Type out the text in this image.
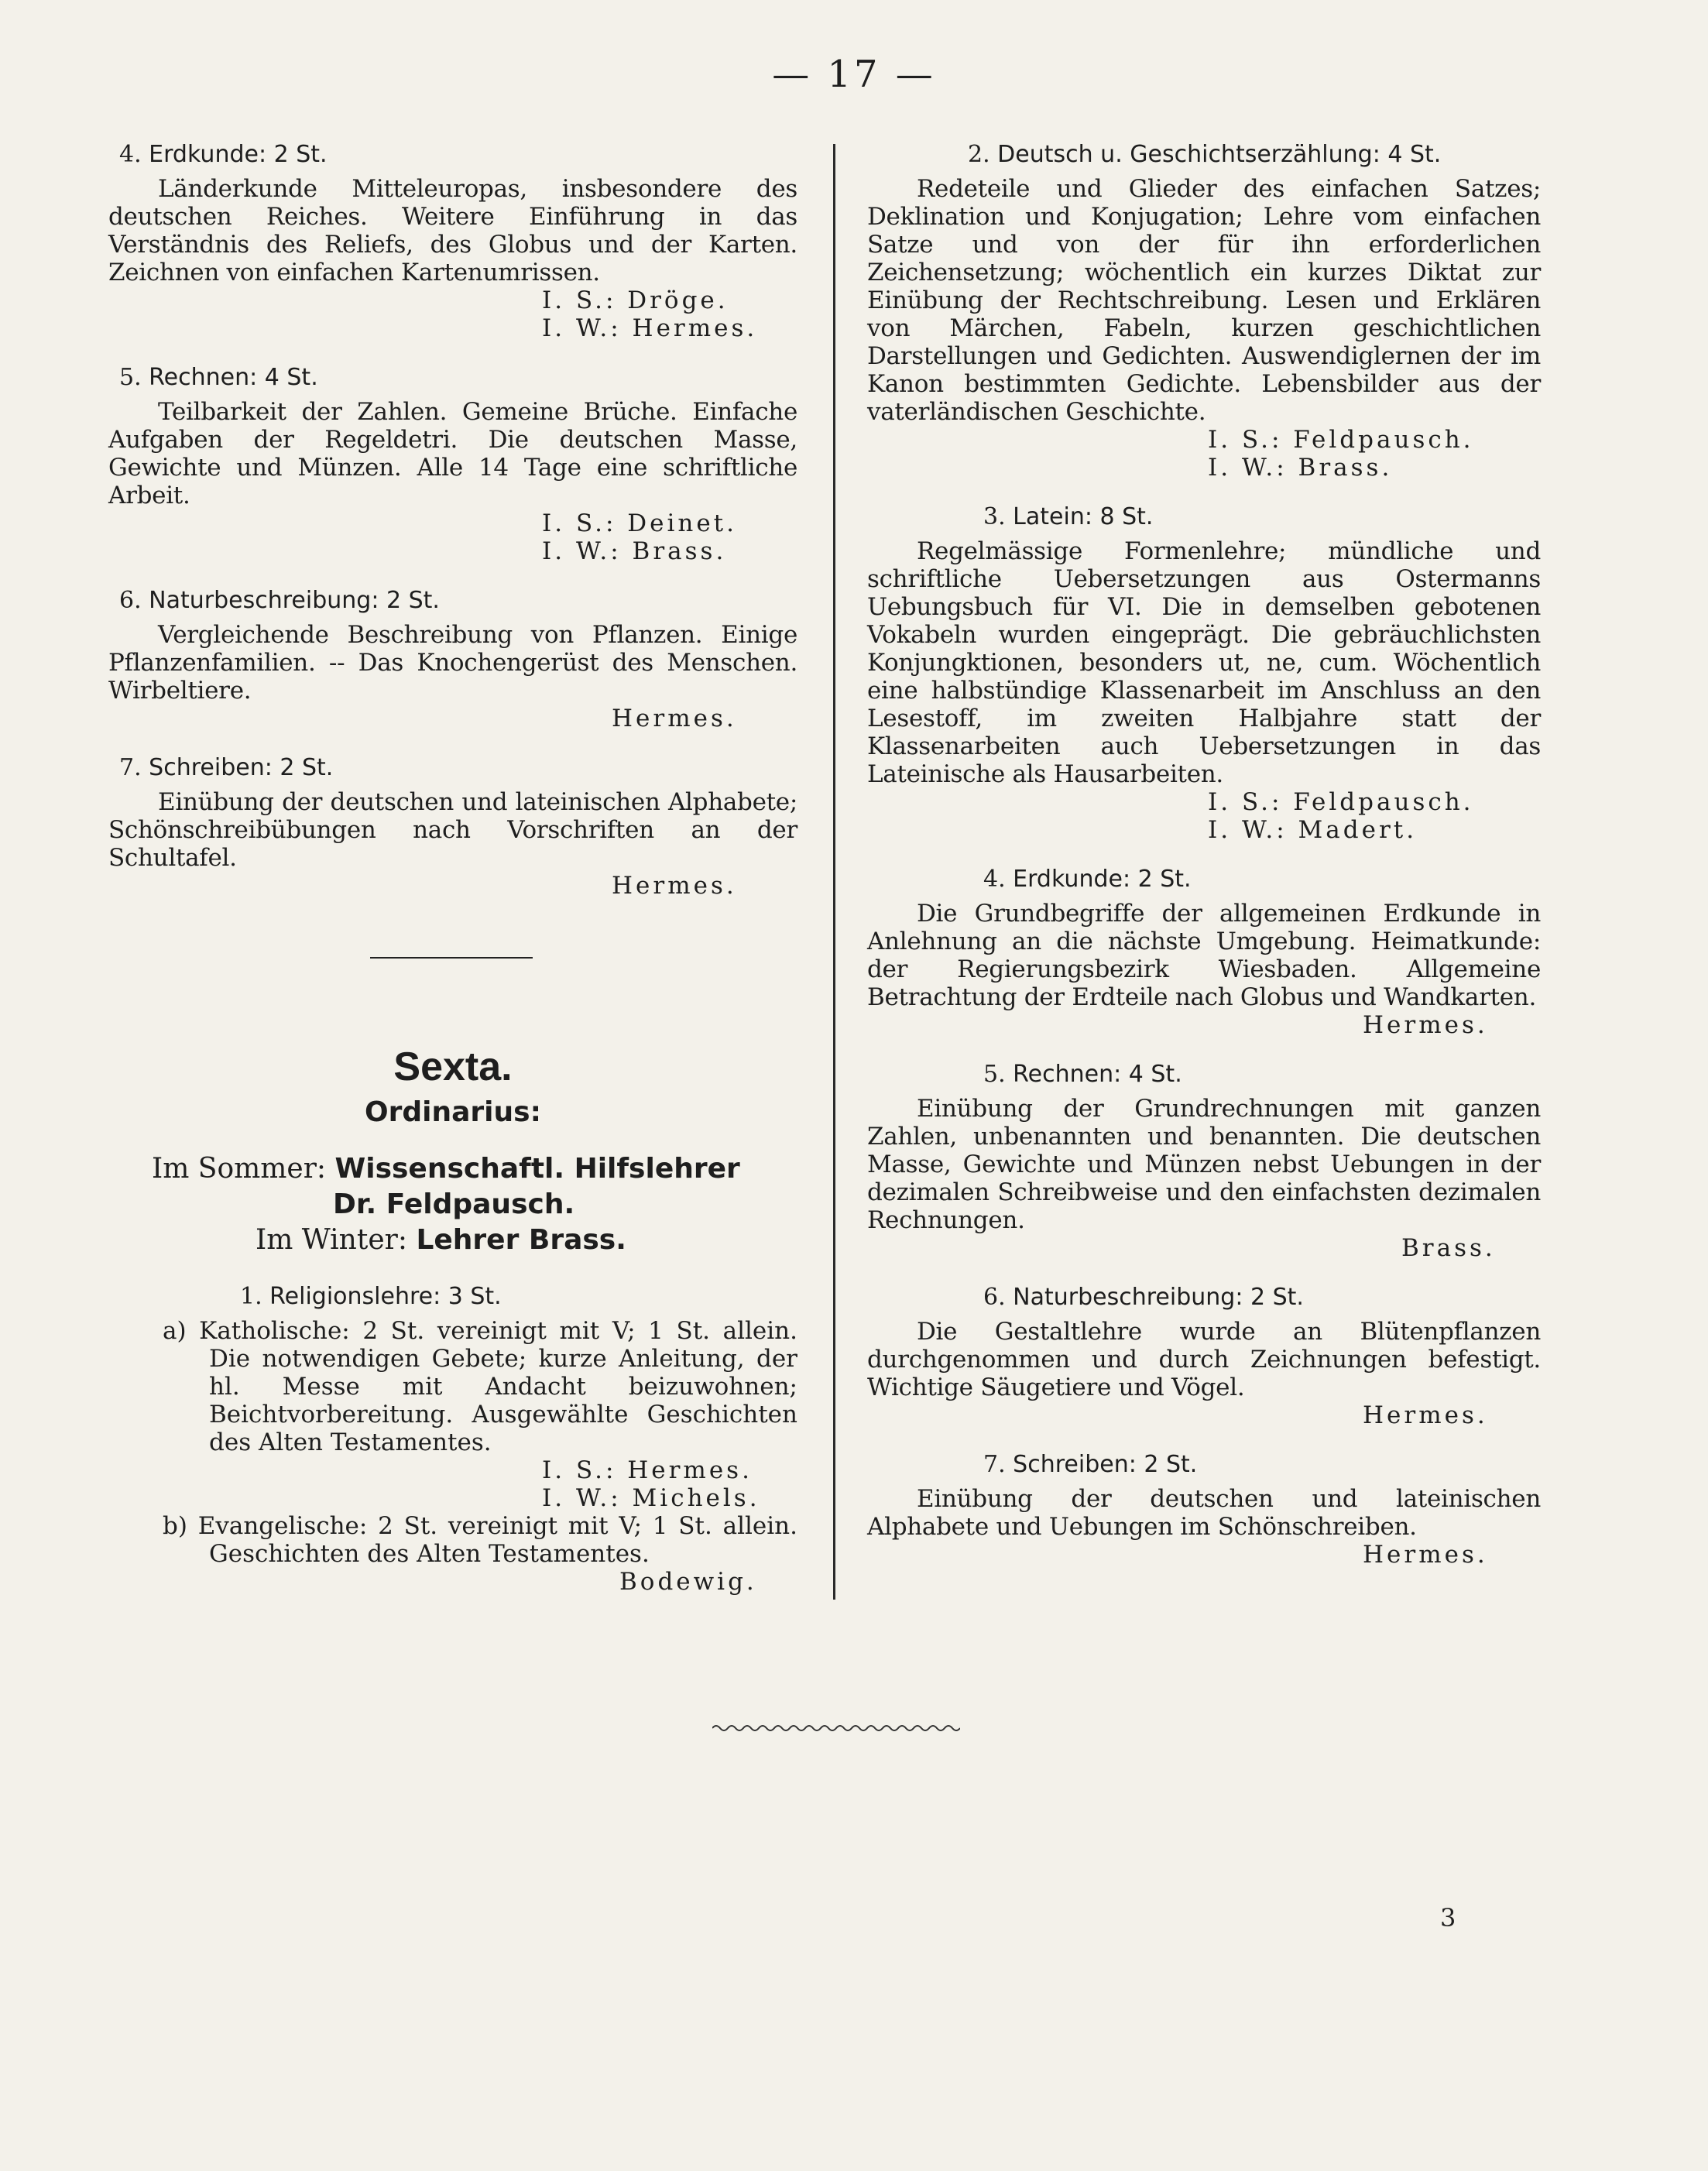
— 17 —
4. Erdkunde: 2 St.

Länderkunde Mitteleuropas, insbesondere des deutschen Reiches. Weitere Einführung in das Verständnis des Reliefs, des Globus und der Karten. Zeichnen von einfachen Kartenumrissen.

I. S.: Dröge.

I. W.: Hermes.

5. Rechnen: 4 St.

Teilbarkeit der Zahlen. Gemeine Brüche. Einfache Aufgaben der Regeldetri. Die deutschen Masse, Gewichte und Münzen. Alle 14 Tage eine schriftliche Arbeit.

I. S.: Deinet.

I. W.: Brass.

6. Naturbeschreibung: 2 St.

Vergleichende Beschreibung von Pflanzen. Einige Pflanzenfamilien. -- Das Knochengerüst des Menschen. Wirbeltiere.

Hermes.

7. Schreiben: 2 St.

Einübung der deutschen und lateinischen Alphabete; Schönschreibübungen nach Vorschriften an der Schultafel.

Hermes.

Sexta.
Ordinarius:

Im Sommer: Wissenschaftl. Hilfslehrer

Dr. Feldpausch.

Im Winter: Lehrer Brass.

1. Religionslehre: 3 St.

a) Katholische: 2 St. vereinigt mit V; 1 St. allein. Die notwendigen Gebete; kurze Anleitung, der hl. Messe mit Andacht beizuwohnen; Beichtvorbereitung. Ausgewählte Geschichten des Alten Testamentes.

I. S.: Hermes.

I. W.: Michels.

b) Evangelische: 2 St. vereinigt mit V; 1 St. allein. Geschichten des Alten Testamentes.

Bodewig.

2. Deutsch u. Geschichtserzählung: 4 St.

Redeteile und Glieder des einfachen Satzes; Deklination und Konjugation; Lehre vom einfachen Satze und von der für ihn erforderlichen Zeichensetzung; wöchentlich ein kurzes Diktat zur Einübung der Rechtschreibung. Lesen und Erklären von Märchen, Fabeln, kurzen geschichtlichen Darstellungen und Gedichten. Auswendiglernen der im Kanon bestimmten Gedichte. Lebensbilder aus der vaterländischen Geschichte.

I. S.: Feldpausch.

I. W.: Brass.

3. Latein: 8 St.

Regelmässige Formenlehre; mündliche und schriftliche Uebersetzungen aus Ostermanns Uebungsbuch für VI. Die in demselben gebotenen Vokabeln wurden eingeprägt. Die gebräuchlichsten Konjungktionen, besonders ut, ne, cum. Wöchentlich eine halbstündige Klassenarbeit im Anschluss an den Lesestoff, im zweiten Halbjahre statt der Klassenarbeiten auch Uebersetzungen in das Lateinische als Hausarbeiten.

I. S.: Feldpausch.

I. W.: Madert.

4. Erdkunde: 2 St.

Die Grundbegriffe der allgemeinen Erdkunde in Anlehnung an die nächste Umgebung. Heimatkunde: der Regierungsbezirk Wiesbaden. Allgemeine Betrachtung der Erdteile nach Globus und Wandkarten.

Hermes.

5. Rechnen: 4 St.

Einübung der Grundrechnungen mit ganzen Zahlen, unbenannten und benannten. Die deutschen Masse, Gewichte und Münzen nebst Uebungen in der dezimalen Schreibweise und den einfachsten dezimalen Rechnungen.

Brass.

6. Naturbeschreibung: 2 St.

Die Gestaltlehre wurde an Blütenpflanzen durchgenommen und durch Zeichnungen befestigt. Wichtige Säugetiere und Vögel.

Hermes.

7. Schreiben: 2 St.

Einübung der deutschen und lateinischen Alphabete und Uebungen im Schönschreiben.

Hermes.

3
